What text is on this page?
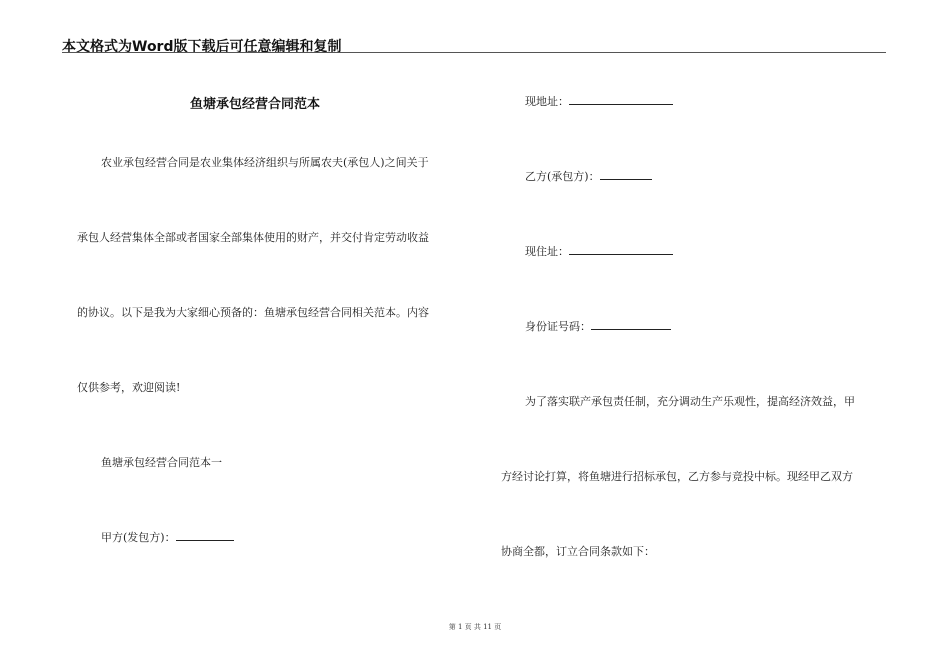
本文格式为Word版下载后可任意编辑和复制
鱼塘承包经营合同范本
农业承包经营合同是农业集体经济组织与所属农夫(承包人)之间关于
承包人经营集体全部或者国家全部集体使用的财产，并交付肯定劳动收益
的协议。以下是我为大家细心预备的：鱼塘承包经营合同相关范本。内容
仅供参考，欢迎阅读!
鱼塘承包经营合同范本一
甲方(发包方)：
现地址：
乙方(承包方)：
现住址：
身份证号码：
为了落实联产承包责任制，充分调动生产乐观性，提高经济效益，甲
方经讨论打算，将鱼塘进行招标承包，乙方参与竞投中标。现经甲乙双方
协商全都，订立合同条款如下：
第 1 页 共 11 页
